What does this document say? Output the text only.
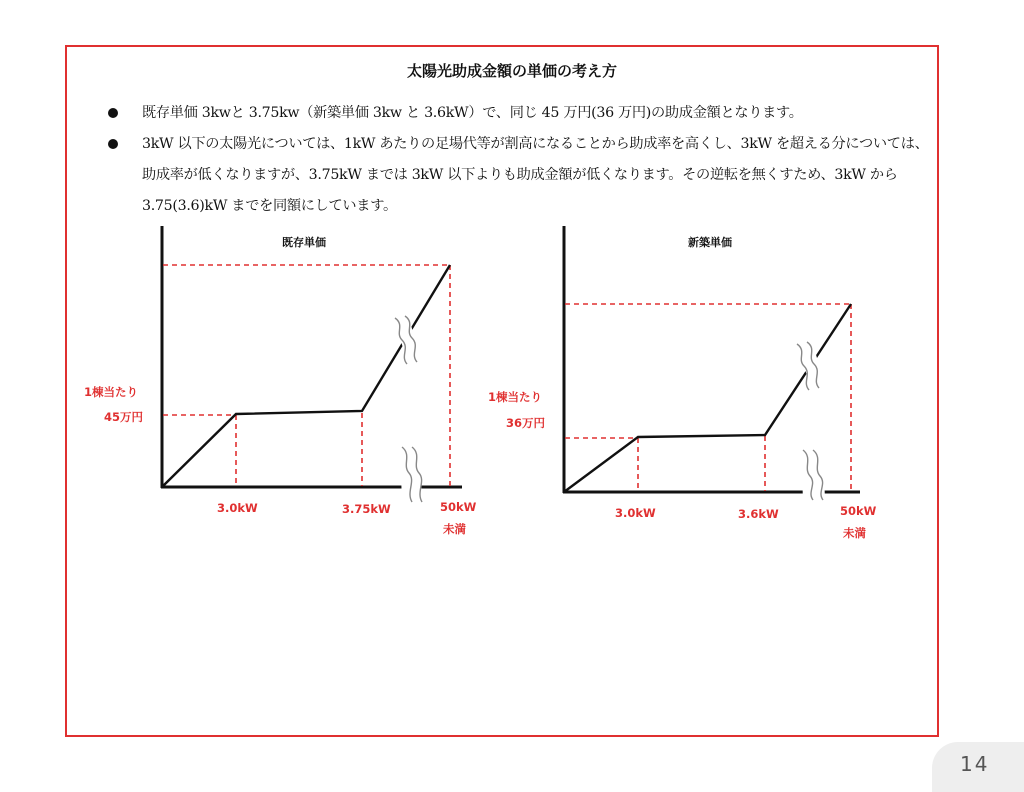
太陽光助成金額の単価の考え方
既存単価 3kwと 3.75kw（新築単価 3kw と 3.6kW）で、同じ 45 万円(36 万円)の助成金額となります。
3kW 以下の太陽光については、1kW あたりの足場代等が割高になることから助成率を高くし、3kW を超える分については、助成率が低くなりますが、3.75kW までは 3kW 以下よりも助成金額が低くなります。その逆転を無くすため、3kW から 3.75(3.6)kW までを同額にしています。
既存単価
1棟当たり
45万円
3.0kW	3.75kW	50kW
未満
新築単価
1棟当たり
36万円
3.0kW	3.6kW	50kW
未満
14
